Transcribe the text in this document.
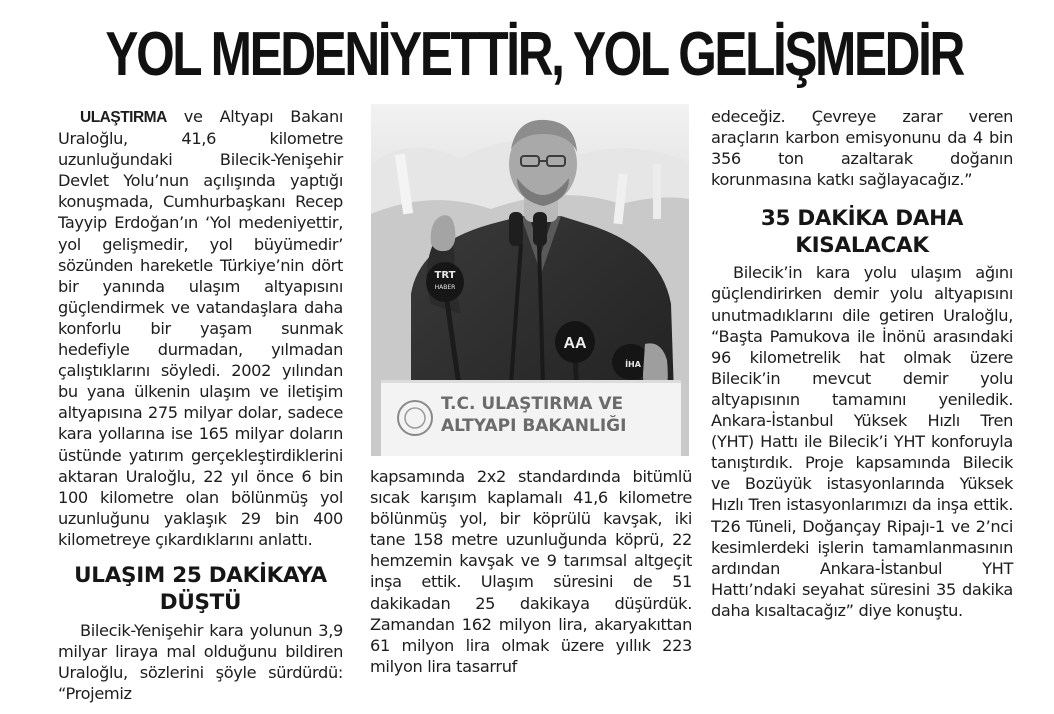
YOL MEDENİYETTİR, YOL GELİŞMEDİR

ULAŞTIRMA ve Altyapı Bakanı Uraloğlu, 41,6 kilometre uzunluğundaki Bilecik-Yenişehir Devlet Yolu’nun açılışında yaptığı konuşmada, Cumhurbaşkanı Recep Tayyip Erdoğan’ın ‘Yol medeniyettir, yol gelişmedir, yol büyümedir’ sözünden hareketle Türkiye’nin dört bir yanında ulaşım altyapısını güçlendirmek ve vatandaşlara daha konforlu bir yaşam sunmak hedefiyle durmadan, yılmadan çalıştıklarını söyledi. 2002 yılından bu yana ülkenin ulaşım ve iletişim altyapısına 275 milyar dolar, sadece kara yollarına ise 165 milyar doların üstünde yatırım gerçekleştirdiklerini aktaran Uraloğlu, 22 yıl önce 6 bin 100 kilometre olan bölünmüş yol uzunluğunu yaklaşık 29 bin 400 kilometreye çıkardıklarını anlattı.

ULAŞIM 25 DAKİKAYA DÜŞTÜ

Bilecik-Yenişehir kara yolunun 3,9 milyar liraya mal olduğunu bildiren Uraloğlu, sözlerini şöyle sürdürdü: “Projemiz

TRT
HABER
AA
İHA
T.C. ULAŞTIRMA VE
ALTYAPI BAKANLIĞI

kapsamında 2x2 standardında bitümlü sıcak karışım kaplamalı 41,6 kilometre bölünmüş yol, bir köprülü kavşak, iki tane 158 metre uzunluğunda köprü, 22 hemzemin kavşak ve 9 tarımsal altgeçit inşa ettik. Ulaşım süresini de 51 dakikadan 25 dakikaya düşürdük. Zamandan 162 milyon lira, akaryakıttan 61 milyon lira olmak üzere yıllık 223 milyon lira tasarruf

edeceğiz. Çevreye zarar veren araçların karbon emisyonunu da 4 bin 356 ton azaltarak doğanın korunmasına katkı sağlayacağız.”

35 DAKİKA DAHA KISALACAK

Bilecik’in kara yolu ulaşım ağını güçlendirirken demir yolu altyapısını unutmadıklarını dile getiren Uraloğlu, “Başta Pamukova ile İnönü arasındaki 96 kilometrelik hat olmak üzere Bilecik’in mevcut demir yolu altyapısının tamamını yeniledik. Ankara-İstanbul Yüksek Hızlı Tren (YHT) Hattı ile Bilecik’i YHT konforuyla tanıştırdık. Proje kapsamında Bilecik ve Bozüyük istasyonlarında Yüksek Hızlı Tren istasyonlarımızı da inşa ettik. T26 Tüneli, Doğançay Ripajı-1 ve 2’nci kesimlerdeki işlerin tamamlanmasının ardından Ankara-İstanbul YHT Hattı’ndaki seyahat süresini 35 dakika daha kısaltacağız” diye konuştu.
